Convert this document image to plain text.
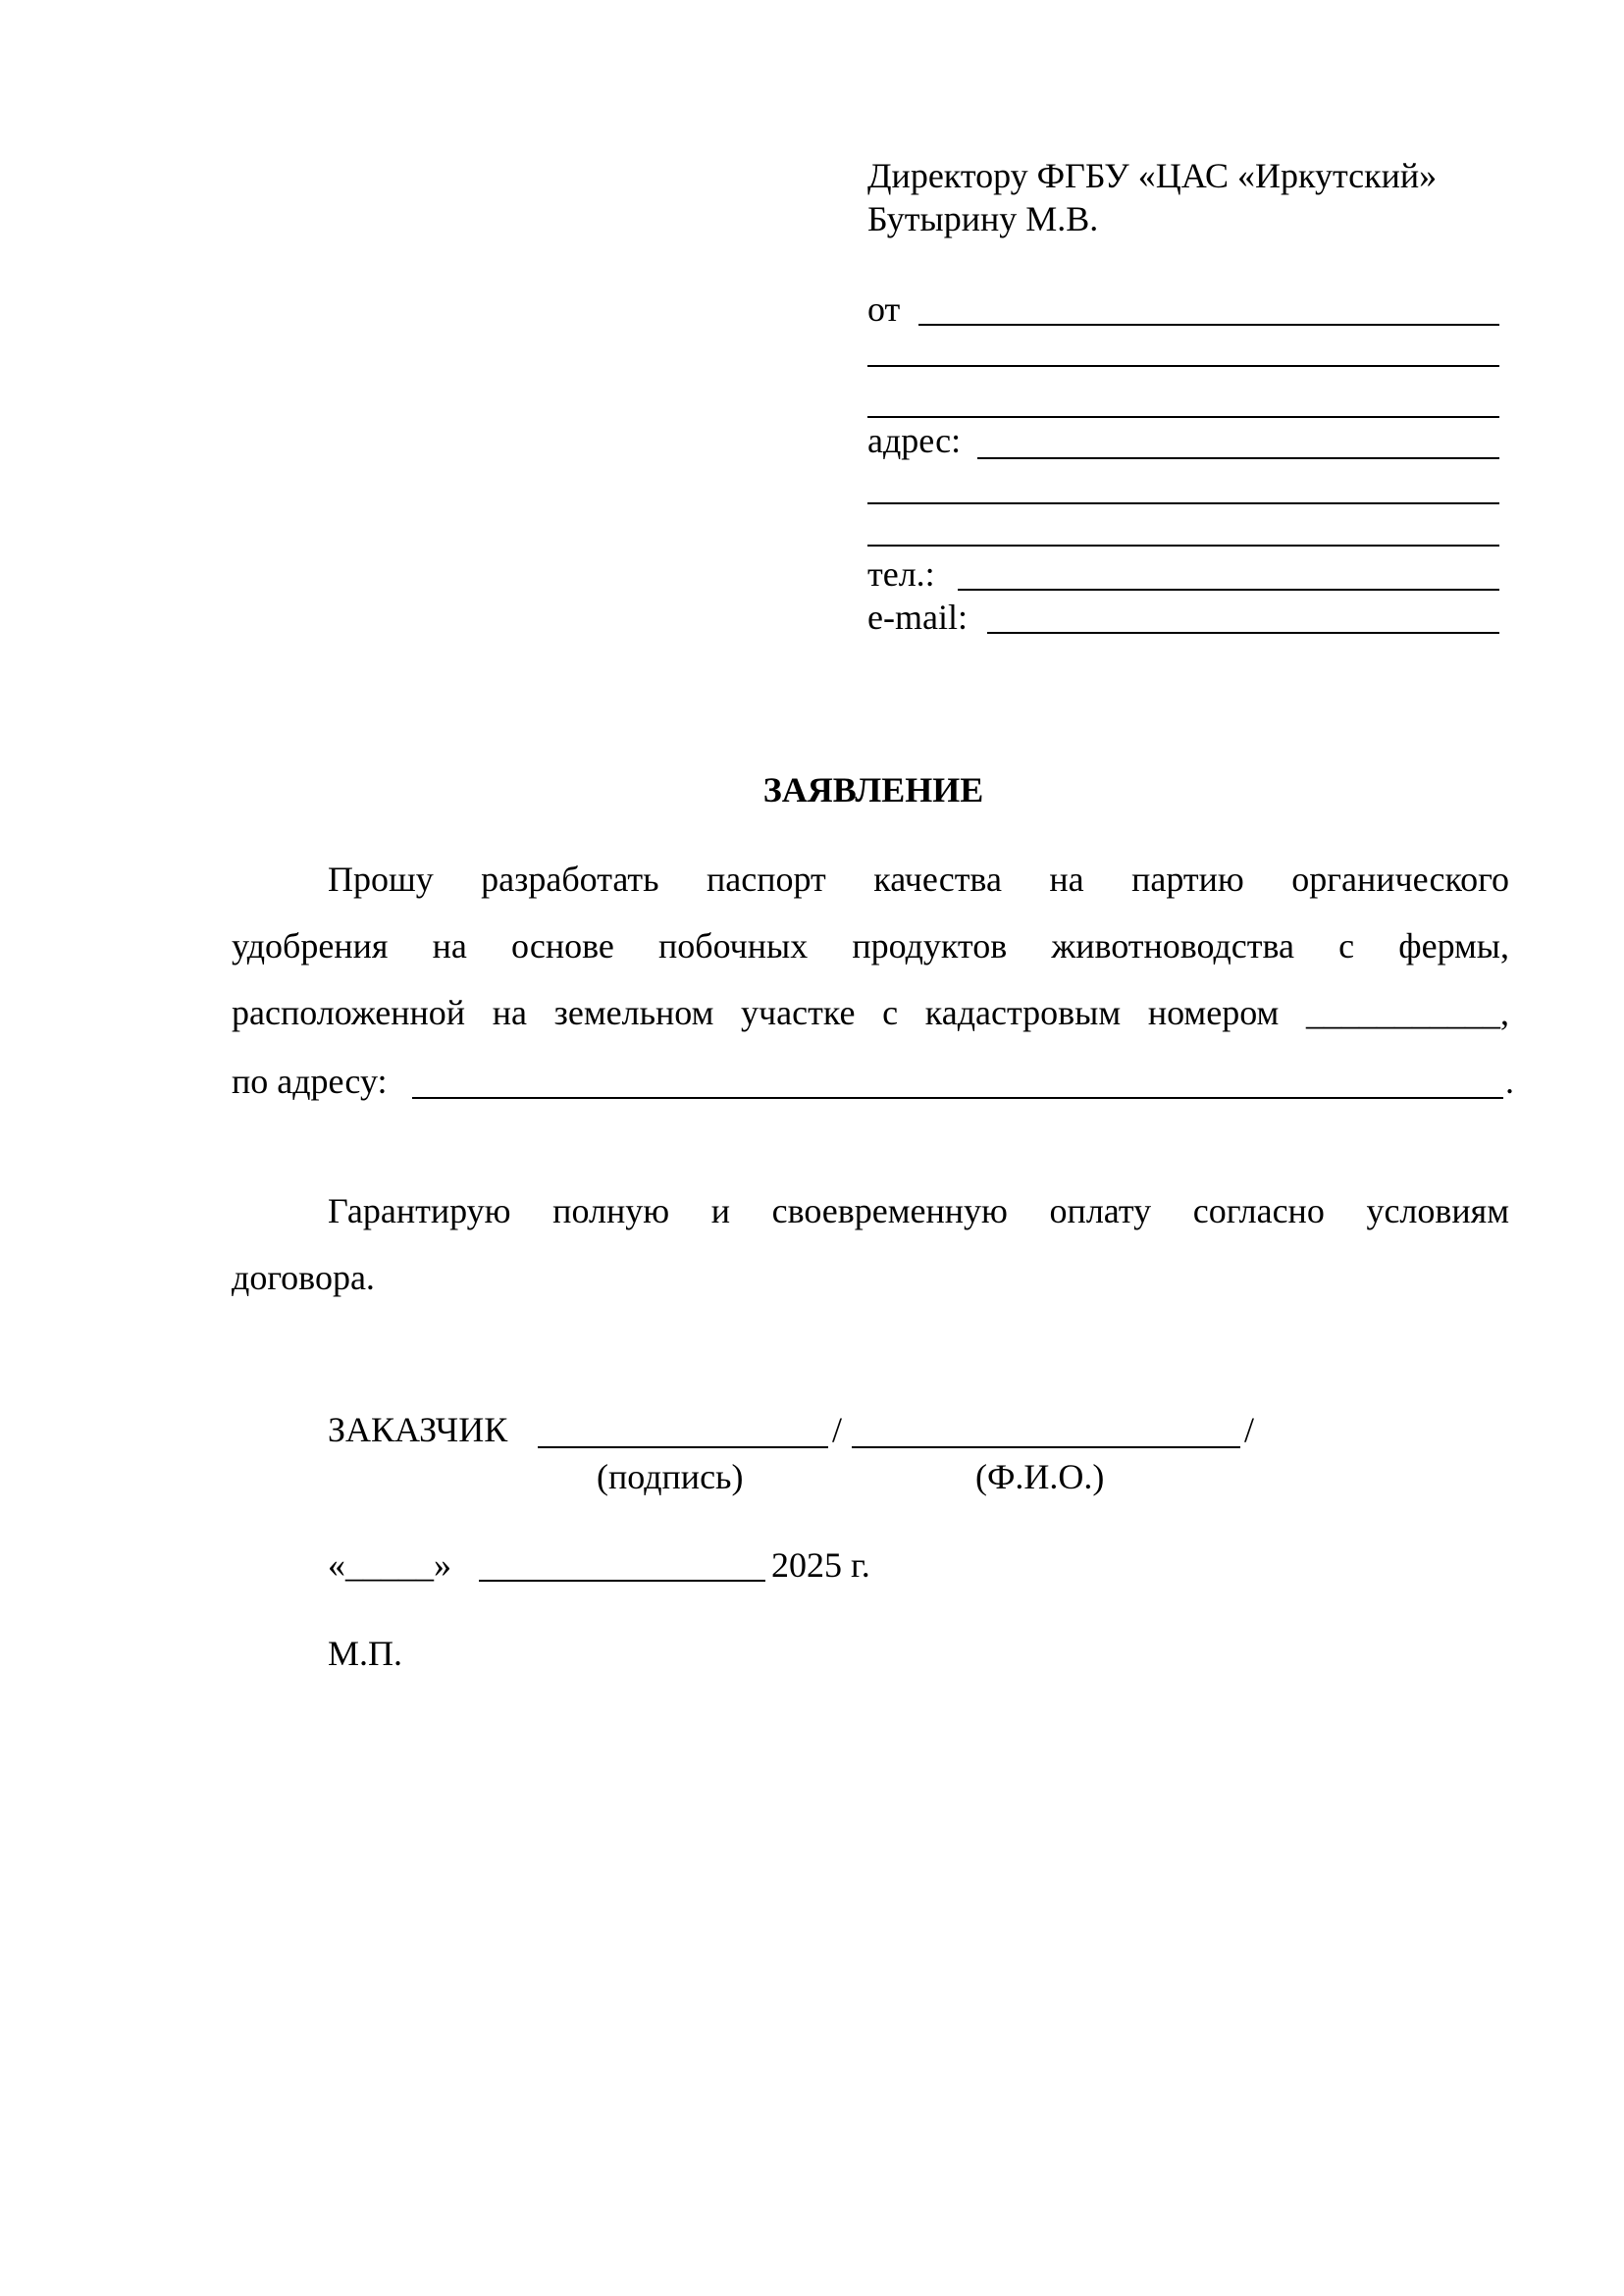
Директору ФГБУ «ЦАС «Иркутский»
Бутырину М.В.
от
адрес:
тел.:
e-mail:
ЗАЯВЛЕНИЕ
Прошу разработать паспорт качества на партию органического
удобрения на основе побочных продуктов животноводства с фермы,
расположенной на земельном участке с кадастровым номером ___________,
по адресу:	.
Гарантирую полную и своевременную оплату согласно условиям
договора.
ЗАКАЗЧИК	/	/
(подпись)	(Ф.И.О.)
«_____»	2025 г.
М.П.
